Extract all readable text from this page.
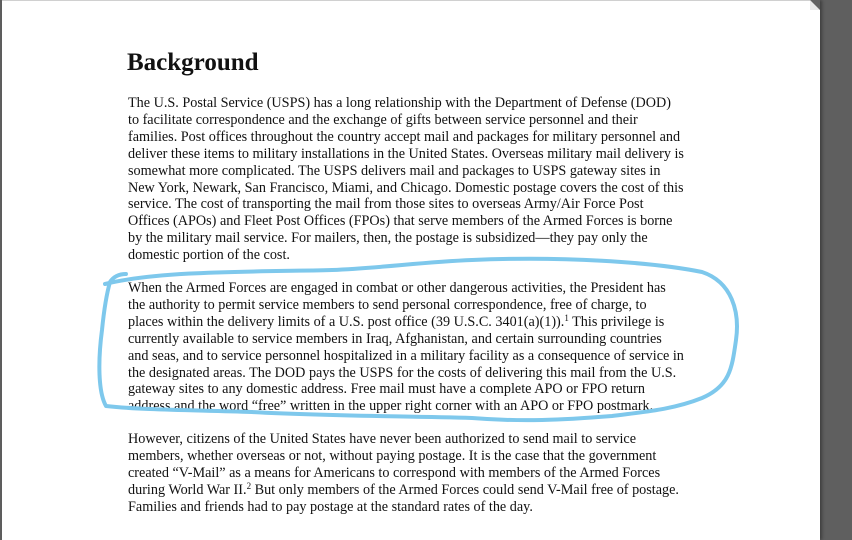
Background

The U.S. Postal Service (USPS) has a long relationship with the Department of Defense (DOD)
to facilitate correspondence and the exchange of gifts between service personnel and their
families. Post offices throughout the country accept mail and packages for military personnel and
deliver these items to military installations in the United States. Overseas military mail delivery is
somewhat more complicated. The USPS delivers mail and packages to USPS gateway sites in
New York, Newark, San Francisco, Miami, and Chicago. Domestic postage covers the cost of this
service. The cost of transporting the mail from those sites to overseas Army/Air Force Post
Offices (APOs) and Fleet Post Offices (FPOs) that serve members of the Armed Forces is borne
by the military mail service. For mailers, then, the postage is subsidized—they pay only the
domestic portion of the cost.

When the Armed Forces are engaged in combat or other dangerous activities, the President has
the authority to permit service members to send personal correspondence, free of charge, to
places within the delivery limits of a U.S. post office (39 U.S.C. 3401(a)(1)).$^1$ This privilege is
currently available to service members in Iraq, Afghanistan, and certain surrounding countries
and seas, and to service personnel hospitalized in a military facility as a consequence of service in
the designated areas. The DOD pays the USPS for the costs of delivering this mail from the U.S.
gateway sites to any domestic address. Free mail must have a complete APO or FPO return
address and the word “free” written in the upper right corner with an APO or FPO postmark.

However, citizens of the United States have never been authorized to send mail to service
members, whether overseas or not, without paying postage. It is the case that the government
created “V-Mail” as a means for Americans to correspond with members of the Armed Forces
during World War II.$^2$ But only members of the Armed Forces could send V-Mail free of postage.
Families and friends had to pay postage at the standard rates of the day.
